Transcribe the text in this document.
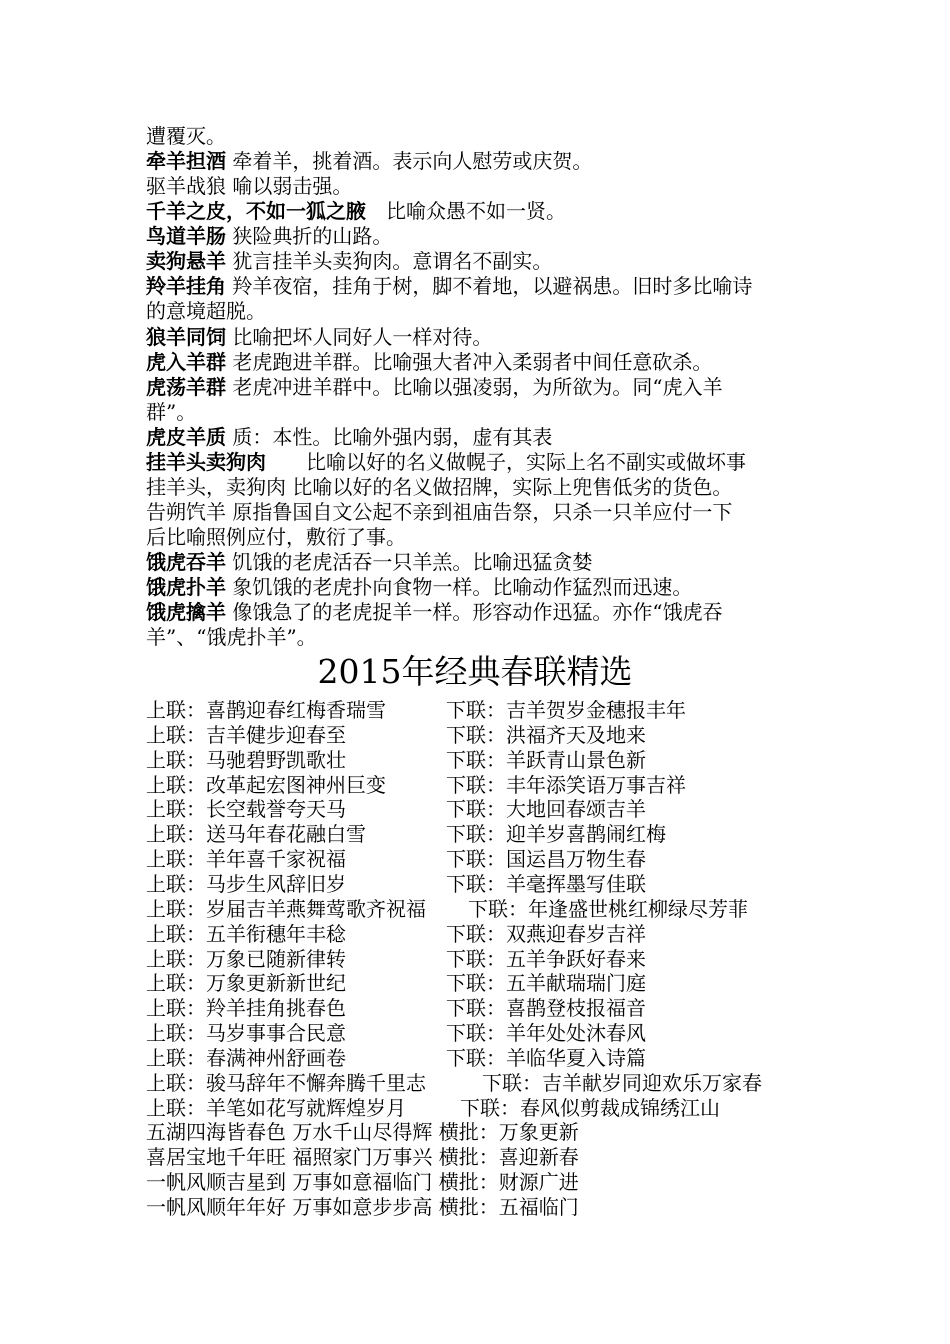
遭覆灭。
牵羊担酒 牵着羊，挑着酒。表示向人慰劳或庆贺。
驱羊战狼 喻以弱击强。
千羊之皮，不如一狐之腋　比喻众愚不如一贤。
鸟道羊肠 狭险典折的山路。
卖狗悬羊 犹言挂羊头卖狗肉。意谓名不副实。
羚羊挂角 羚羊夜宿，挂角于树，脚不着地，以避祸患。旧时多比喻诗
的意境超脱。
狼羊同饲 比喻把坏人同好人一样对待。
虎入羊群 老虎跑进羊群。比喻强大者冲入柔弱者中间任意砍杀。
虎荡羊群 老虎冲进羊群中。比喻以强凌弱，为所欲为。同“虎入羊
群”。
虎皮羊质 质：本性。比喻外强内弱，虚有其表
挂羊头卖狗肉　　比喻以好的名义做幌子，实际上名不副实或做坏事
挂羊头，卖狗肉 比喻以好的名义做招牌，实际上兜售低劣的货色。
告朔饩羊 原指鲁国自文公起不亲到祖庙告祭，只杀一只羊应付一下
后比喻照例应付，敷衍了事。
饿虎吞羊 饥饿的老虎活吞一只羊羔。比喻迅猛贪婪
饿虎扑羊 象饥饿的老虎扑向食物一样。比喻动作猛烈而迅速。
饿虎擒羊 像饿急了的老虎捉羊一样。形容动作迅猛。亦作“饿虎吞
羊”、“饿虎扑羊”。
2015年经典春联精选
上联：喜鹊迎春红梅香瑞雪	下联：吉羊贺岁金穗报丰年
上联：吉羊健步迎春至	下联：洪福齐天及地来
上联：马驰碧野凯歌壮	下联：羊跃青山景色新
上联：改革起宏图神州巨变	下联：丰年添笑语万事吉祥
上联：长空载誉夸天马	下联：大地回春颂吉羊
上联：送马年春花融白雪	下联：迎羊岁喜鹊闹红梅
上联：羊年喜千家祝福	下联：国运昌万物生春
上联：马步生风辞旧岁	下联：羊毫挥墨写佳联
上联：岁届吉羊燕舞莺歌齐祝福 下联：年逢盛世桃红柳绿尽芳菲
上联：五羊衔穗年丰稔	下联：双燕迎春岁吉祥
上联：万象已随新律转	下联：五羊争跃好春来
上联：万象更新新世纪	下联：五羊献瑞瑞门庭
上联：羚羊挂角挑春色	下联：喜鹊登枝报福音
上联：马岁事事合民意	下联：羊年处处沐春风
上联：春满神州舒画卷	下联：羊临华夏入诗篇
上联：骏马辞年不懈奔腾千里志	下联：吉羊献岁同迎欢乐万家春
上联：羊笔如花写就辉煌岁月	下联：春风似剪裁成锦绣江山
五湖四海皆春色 万水千山尽得辉 横批：万象更新
喜居宝地千年旺 福照家门万事兴 横批：喜迎新春
一帆风顺吉星到 万事如意福临门 横批：财源广进
一帆风顺年年好 万事如意步步高 横批：五福临门
